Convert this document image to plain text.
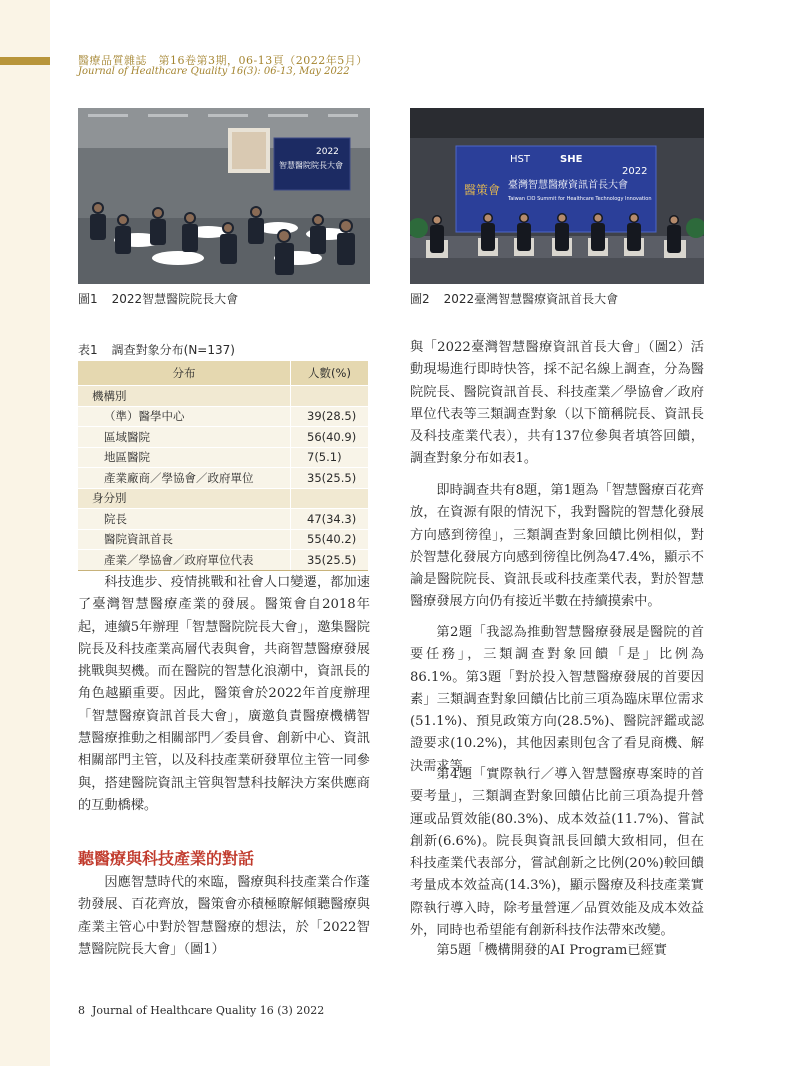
醫療品質雜誌　第16卷第3期，06-13頁（2022年5月）
Journal of Healthcare Quality 16(3): 06-13, May 2022
2022
智慧醫院院長大會
圖1 2022智慧醫院院長大會
HST	SHE
醫策會
2022
臺灣智慧醫療資訊首長大會
Taiwan CIO Summit for Healthcare Technology Innovation
圖2 2022臺灣智慧醫療資訊首長大會
表1 調查對象分布(N=137)
分布	人數(%)
機構別	
（準）醫學中心	39(28.5)
區域醫院	56(40.9)
地區醫院	7(5.1)
產業廠商／學協會／政府單位	35(25.5)
身分別	
院長	47(34.3)
醫院資訊首長	55(40.2)
產業／學協會／政府單位代表	35(25.5)

科技進步、疫情挑戰和社會人口變遷，都加速了臺灣智慧醫療產業的發展。醫策會自2018年起，連續5年辦理「智慧醫院院長大會」，邀集醫院院長及科技產業高層代表與會，共商智慧醫療發展挑戰與契機。而在醫院的智慧化浪潮中，資訊長的角色越顯重要。因此，醫策會於2022年首度辦理「智慧醫療資訊首長大會」，廣邀負責醫療機構智慧醫療推動之相關部門／委員會、創新中心、資訊相關部門主管，以及科技產業研發單位主管一同參與，搭建醫院資訊主管與智慧科技解決方案供應商的互動橋樑。

聽醫療與科技產業的對話

因應智慧時代的來臨，醫療與科技產業合作蓬勃發展、百花齊放，醫策會亦積極瞭解傾聽醫療與產業主管心中對於智慧醫療的想法，於「2022智慧醫院院長大會」（圖1）

與「2022臺灣智慧醫療資訊首長大會」（圖2）活動現場進行即時快答，採不記名線上調查，分為醫院院長、醫院資訊首長、科技產業／學協會／政府單位代表等三類調查對象（以下簡稱院長、資訊長及科技產業代表），共有137位參與者填答回饋，調查對象分布如表1。

即時調查共有8題，第1題為「智慧醫療百花齊放，在資源有限的情況下，我對醫院的智慧化發展方向感到徬徨」，三類調查對象回饋比例相似，對於智慧化發展方向感到徬徨比例為47.4%，顯示不論是醫院院長、資訊長或科技產業代表，對於智慧醫療發展方向仍有接近半數在持續摸索中。

第2題「我認為推動智慧醫療發展是醫院的首要任務」，三類調查對象回饋「是」比例為86.1%。第3題「對於投入智慧醫療發展的首要因素」三類調查對象回饋佔比前三項為臨床單位需求(51.1%)、預見政策方向(28.5%)、醫院評鑑或認證要求(10.2%)，其他因素則包含了看見商機、解決需求等。

第4題「實際執行／導入智慧醫療專案時的首要考量」，三類調查對象回饋佔比前三項為提升營運或品質效能(80.3%)、成本效益(11.7%)、嘗試創新(6.6%)。院長與資訊長回饋大致相同，但在科技產業代表部分，嘗試創新之比例(20%)較回饋考量成本效益高(14.3%)，顯示醫療及科技產業實際執行導入時，除考量營運／品質效能及成本效益外，同時也希望能有創新科技作法帶來改變。

第5題「機構開發的AI Program已經實

8 Journal of Healthcare Quality 16 (3) 2022
